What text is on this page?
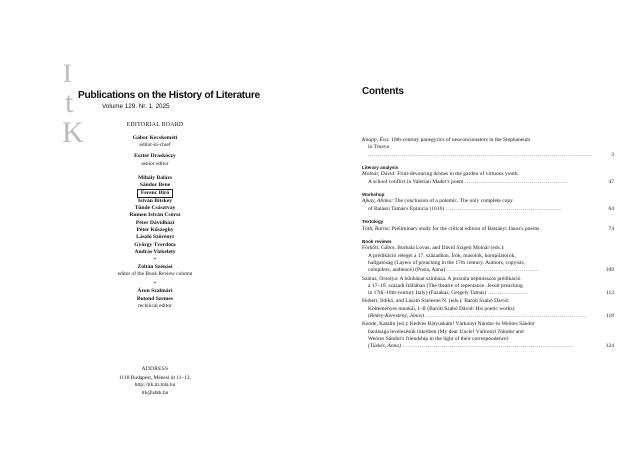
I
t
K
Publications on the History of Literature
Volume 129. Nr. 1. 2025
EDITORIAL BOARD
Gábor Kecskeméti
editor-in-chief
Eszter Draskóczy
senior editor
Mihály Balázs
Sándor Bene
Ferenc Biró
István Bitskey
Tünde Császtvay
Rumen István Csörsz
Péter Dávidházi
Péter Kőszeghy
László Szörényi
György Tverdota
András Vizkelety
*
Zoltán Szénási
editor of the Book Review column
*
Áron Szalmári
Botond Szemes
technical editor
ADDRESS
1118 Budapest, Ménesi út 11–13.
http://itk.iti.mta.hu
itk@abtk.hu
Contents
Knapp, Éva: 18th-century panegyrics of neoconcionators in the Stephaneum
in Trnava ..................................................................................................................	3
Literary analysis
Molnár, Dávid: Fruit-devouring drones in the garden of virtuous youth.
A school conflict in Valerian Mader's poem ....................................................	47
Workshop
Ajkay, Alinka: The conclusion of a polemic. The only complete copy
of Balássi Tamás's Epinicia (1616) ...........................................................	64
Textology
Tóth, Barna: Preliminary study for the critical edition of Batsányi János's poems	74
Book reviews
Förköli, Gábor, Borbála Lovas, and Dávid Szigeti Molnár (eds.):
A prédikáció rétegei a 17. században. Írók, másolók, kompilátorok,
hallgatóság (Layers of preaching in the 17th century. Authors, copyists,
compilers, audience) (Posta, Anna) ...............................................	109
Száraz, Orsolya: A bűnbánat színháza. A jezsuita népmisszós prédikáció
a 17–18. századi Itáliában (The theatre of repentance. Jesuit preaching
in 17th–18th-century Italy) (Fazakas, Gergely Tamás) .....................	113
Hubert, Ildikó, and László Szelestei N. (eds.): Baróti Szabó Dávid:
Költeményes munkái, I–II (Baróti Szabó Dávid: His poetic works)
(Rédey-Kerestény, János) ..................................................................................	118
Kende, Katalin (ed.): Kedves Bátyuskám! Várkonyi Nándor és Weöres Sándor
barátsága levelezésük tükrében (My dear Uncle! Várkonyi Nándor and
Weöres Sándor's friendship in the light of their correspondence)
(Tüskés, Anna) .......................................................................................	124
